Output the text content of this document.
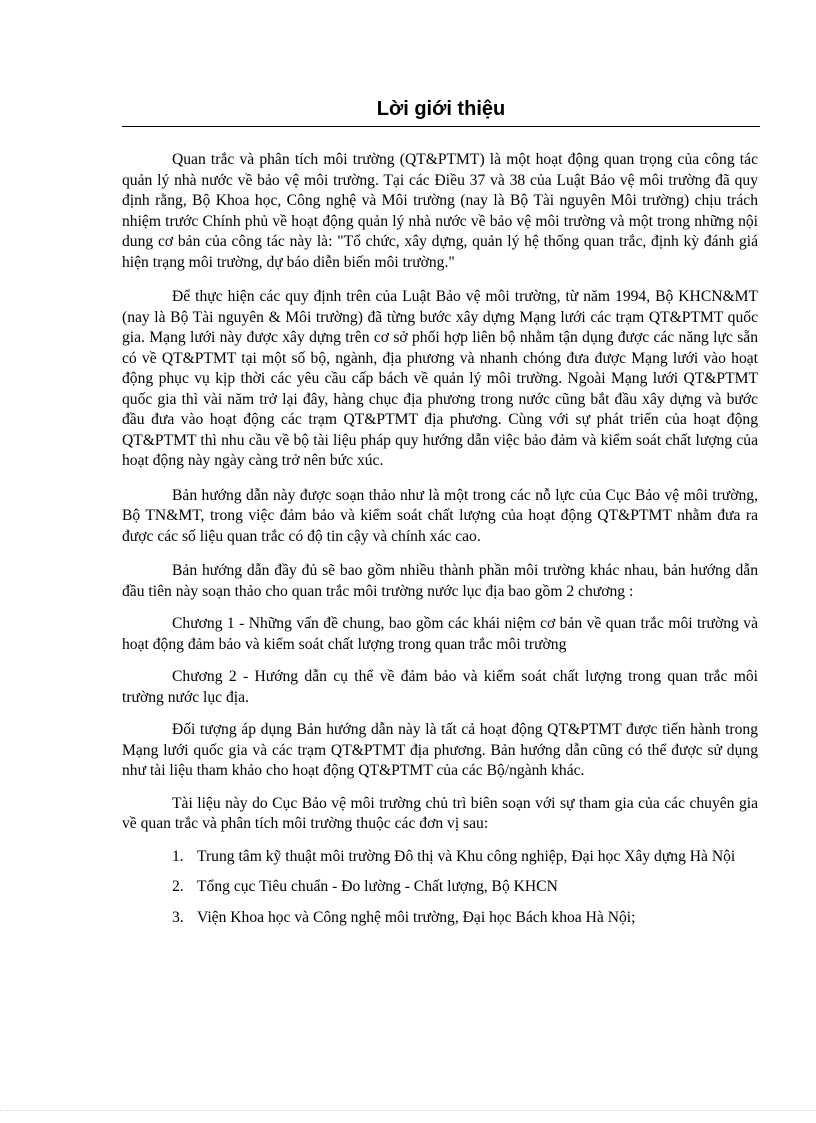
Lời giới thiệu

Quan trắc và phân tích môi trường (QT&PTMT) là một hoạt động quan trọng của công tác quản lý nhà nước về bảo vệ môi trường. Tại các Điều 37 và 38 của Luật Bảo vệ môi trường đã quy định rằng, Bộ Khoa học, Công nghệ và Môi trường (nay là Bộ Tài nguyên Môi trường) chịu trách nhiệm trước Chính phủ về hoạt động quản lý nhà nước về bảo vệ môi trường và một trong những nội dung cơ bản của công tác này là: "Tổ chức, xây dựng, quản lý hệ thống quan trắc, định kỳ đánh giá hiện trạng môi trường, dự báo diễn biến môi trường."

Để thực hiện các quy định trên của Luật Bảo vệ môi trường, từ năm 1994, Bộ KHCN&MT (nay là Bộ Tài nguyên & Môi trường) đã từng bước xây dựng Mạng lưới các trạm QT&PTMT quốc gia. Mạng lưới này được xây dựng trên cơ sở phối hợp liên bộ nhằm tận dụng được các năng lực sẵn có về QT&PTMT tại một số bộ, ngành, địa phương và nhanh chóng đưa được Mạng lưới vào hoạt động phục vụ kịp thời các yêu cầu cấp bách về quản lý môi trường. Ngoài Mạng lưới QT&PTMT quốc gia thì vài năm trở lại đây, hàng chục địa phương trong nước cũng bắt đầu xây dựng và bước đầu đưa vào hoạt động các trạm QT&PTMT địa phương. Cùng với sự phát triển của hoạt động QT&PTMT thì nhu cầu về bộ tài liệu pháp quy hướng dẫn việc bảo đảm và kiểm soát chất lượng của hoạt động này ngày càng trở nên bức xúc.

Bản hướng dẫn này được soạn thảo như là một trong các nỗ lực của Cục Bảo vệ môi trường, Bộ TN&MT, trong việc đảm bảo và kiểm soát chất lượng của hoạt động QT&PTMT nhằm đưa ra được các số liệu quan trắc có độ tin cậy và chính xác cao.

Bản hướng dẫn đầy đủ sẽ bao gồm nhiều thành phần môi trường khác nhau, bản hướng dẫn đầu tiên này soạn thảo cho quan trắc môi trường nước lục địa bao gồm 2 chương :

Chương 1 - Những vấn đề chung, bao gồm các khái niệm cơ bản về quan trắc môi trường và hoạt động đảm bảo và kiểm soát chất lượng trong quan trắc môi trường

Chương 2 - Hướng dẫn cụ thể về đảm bảo và kiểm soát chất lượng trong quan trắc môi trường nước lục địa.

Đối tượng áp dụng Bản hướng dẫn này là tất cả hoạt động QT&PTMT được tiến hành trong Mạng lưới quốc gia và các trạm QT&PTMT địa phương. Bản hướng dẫn cũng có thể được sử dụng như tài liệu tham khảo cho hoạt động QT&PTMT của các Bộ/ngành khác.

Tài liệu này do Cục Bảo vệ môi trường chủ trì biên soạn với sự tham gia của các chuyên gia về quan trắc và phân tích môi trường thuộc các đơn vị sau:

1. Trung tâm kỹ thuật môi trường Đô thị và Khu công nghiệp, Đại học Xây dựng Hà Nội
2. Tổng cục Tiêu chuẩn - Đo lường - Chất lượng, Bộ KHCN
3. Viện Khoa học và Công nghệ môi trường, Đại học Bách khoa Hà Nội;
